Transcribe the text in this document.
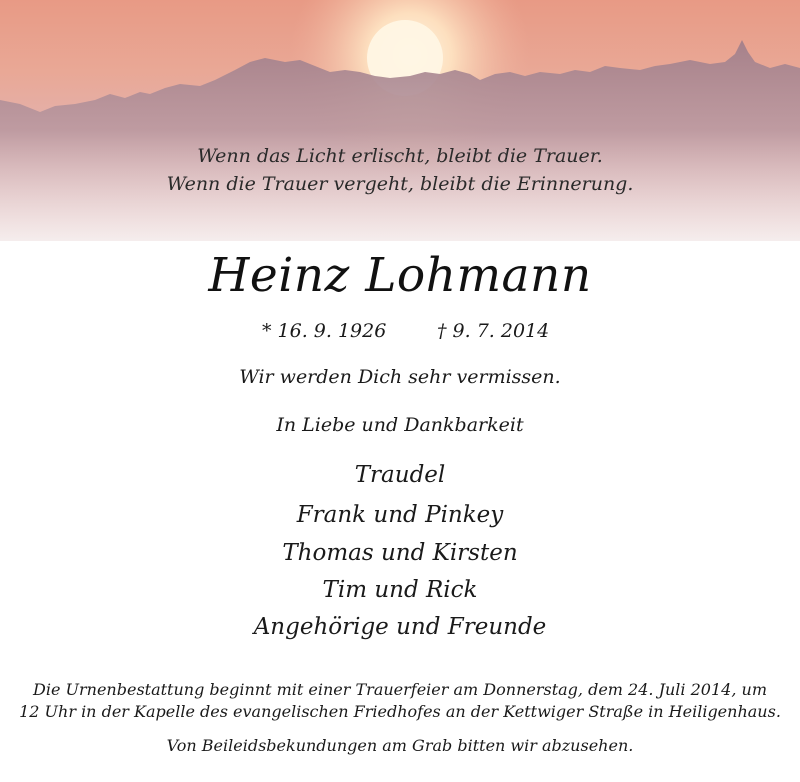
Wenn das Licht erlischt, bleibt die Trauer.
Wenn die Trauer vergeht, bleibt die Erinnerung.
Heinz Lohmann
* 16. 9. 1926	† 9. 7. 2014
Wir werden Dich sehr vermissen.
In Liebe und Dankbarkeit
Traudel
Frank und Pinkey
Thomas und Kirsten
Tim und Rick
Angehörige und Freunde
Die Urnenbestattung beginnt mit einer Trauerfeier am Donnerstag, dem 24. Juli 2014, um
12 Uhr in der Kapelle des evangelischen Friedhofes an der Kettwiger Straße in Heiligenhaus.
Von Beileidsbekundungen am Grab bitten wir abzusehen.
